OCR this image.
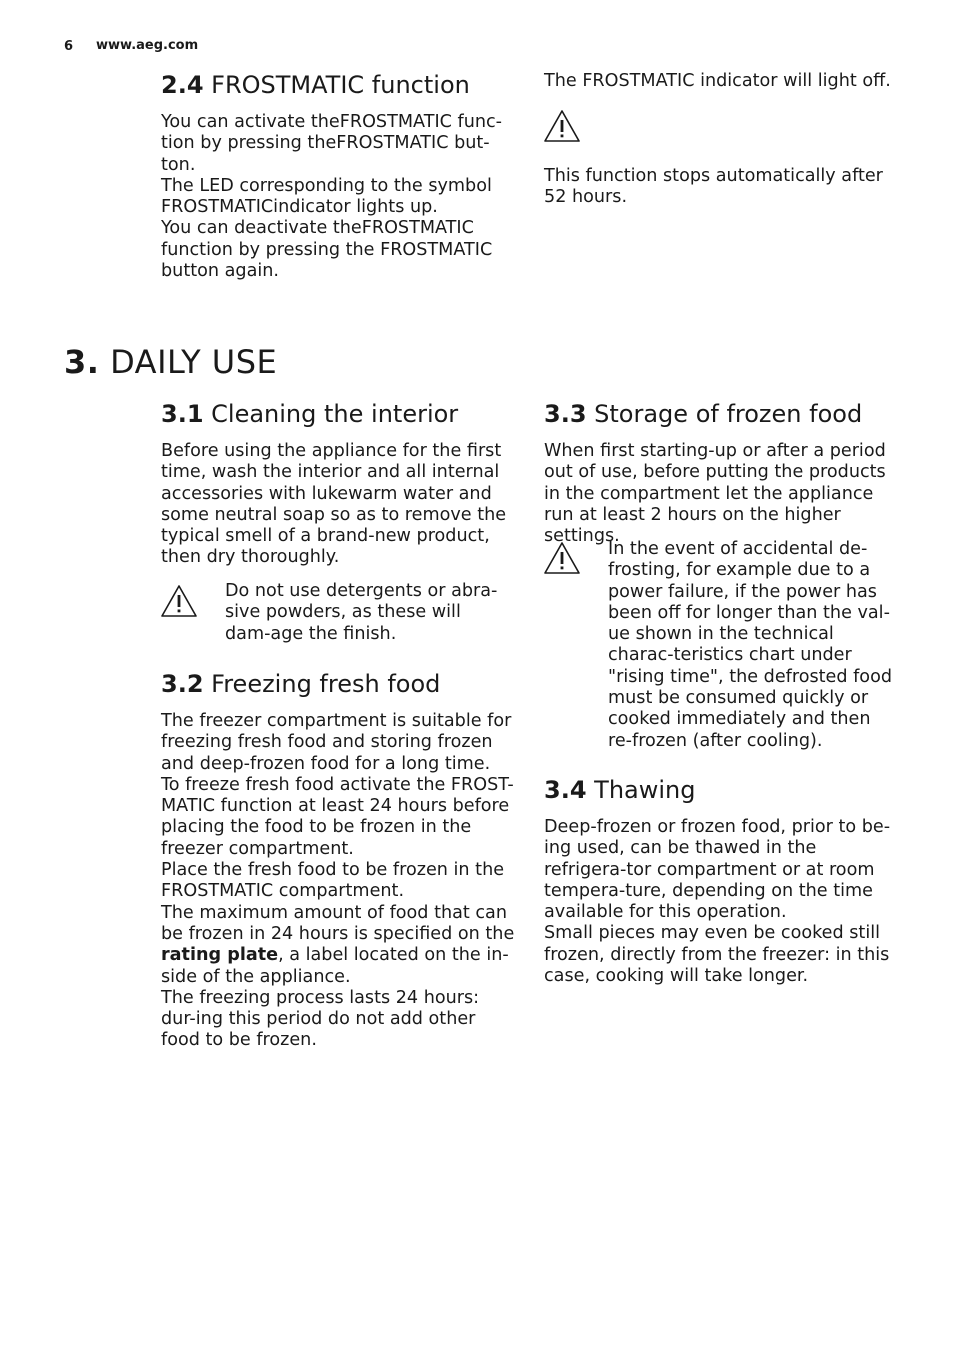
6 www.aeg.com
2.4 FROSTMATIC function

You can activate theFROSTMATIC func-tion by pressing theFROSTMATIC but-ton.

The LED corresponding to the symbol FROSTMATICindicator lights up.

You can deactivate theFROSTMATIC function by pressing the FROSTMATIC button again.

The FROSTMATIC indicator will light off.
This function stops automatically after 52 hours.
3. DAILY USE
3.1 Cleaning the interior
Before using the appliance for the first time, wash the interior and all internal accessories with lukewarm water and some neutral soap so as to remove the typical smell of a brand-new product, then dry thoroughly.
Do not use detergents or abra-sive powders, as these will dam-age the finish.
3.2 Freezing fresh food

The freezer compartment is suitable for freezing fresh food and storing frozen and deep-frozen food for a long time.

To freeze fresh food activate the FROST-MATIC function at least 24 hours before placing the food to be frozen in the freezer compartment.

Place the fresh food to be frozen in the FROSTMATIC compartment.

The maximum amount of food that can be frozen in 24 hours is specified on the rating plate, a label located on the in-side of the appliance.

The freezing process lasts 24 hours: dur-ing this period do not add other food to be frozen.

3.3 Storage of frozen food
When first starting-up or after a period out of use, before putting the products in the compartment let the appliance run at least 2 hours on the higher settings.
In the event of accidental de-frosting, for example due to a power failure, if the power has been off for longer than the val-ue shown in the technical charac-teristics chart under "rising time", the defrosted food must be consumed quickly or cooked immediately and then re-frozen (after cooling).
3.4 Thawing

Deep-frozen or frozen food, prior to be-ing used, can be thawed in the refrigera-tor compartment or at room tempera-ture, depending on the time available for this operation.

Small pieces may even be cooked still frozen, directly from the freezer: in this case, cooking will take longer.
